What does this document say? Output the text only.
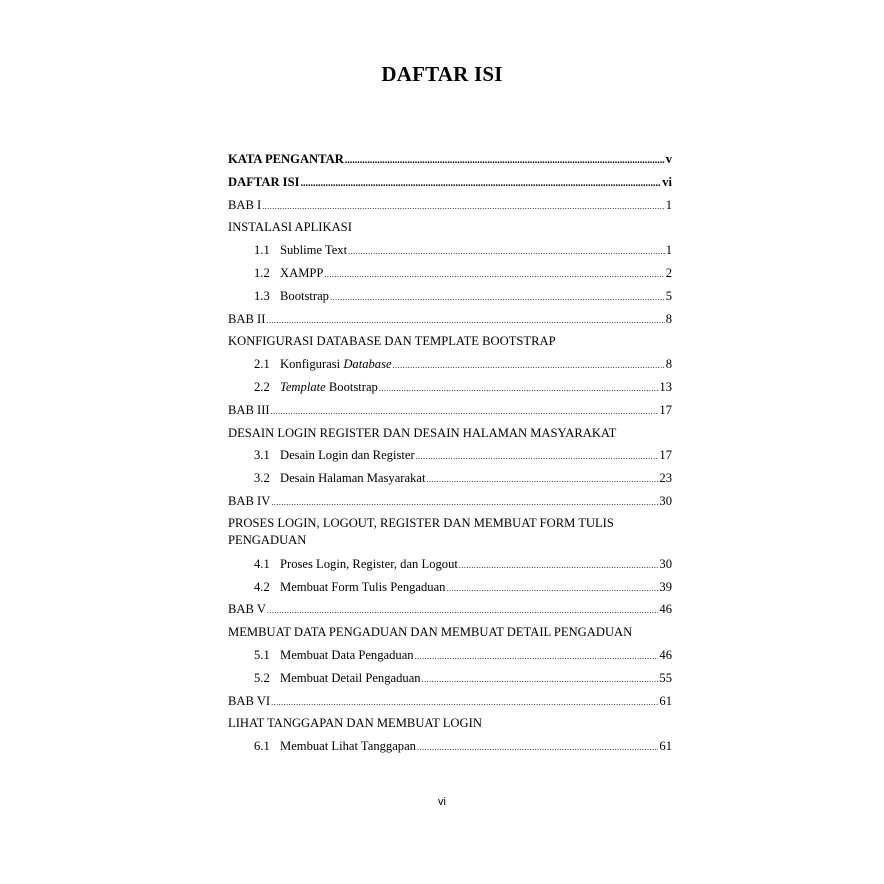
DAFTAR ISI
KATA PENGANTAR .....	v
DAFTAR ISI .....	vi
BAB I .....	1
INSTALASI APLIKASI
1.1 Sublime Text .....	1
1.2 XAMPP .....	2
1.3 Bootstrap .....	5
BAB II .....	8
KONFIGURASI DATABASE DAN TEMPLATE BOOTSTRAP
2.1 Konfigurasi Database .....	8
2.2 Template Bootstrap .....	13
BAB III .....	17
DESAIN LOGIN REGISTER DAN DESAIN HALAMAN MASYARAKAT
3.1 Desain Login dan Register .....	17
3.2 Desain Halaman Masyarakat .....	23
BAB IV .....	30
PROSES LOGIN, LOGOUT, REGISTER DAN MEMBUAT FORM TULIS PENGADUAN
4.1 Proses Login, Register, dan Logout .....	30
4.2 Membuat Form Tulis Pengaduan .....	39
BAB V .....	46
MEMBUAT DATA PENGADUAN DAN MEMBUAT DETAIL PENGADUAN
5.1 Membuat Data Pengaduan .....	46
5.2 Membuat Detail Pengaduan .....	55
BAB VI .....	61
LIHAT TANGGAPAN DAN MEMBUAT LOGIN
6.1 Membuat Lihat Tanggapan .....	61
vi
